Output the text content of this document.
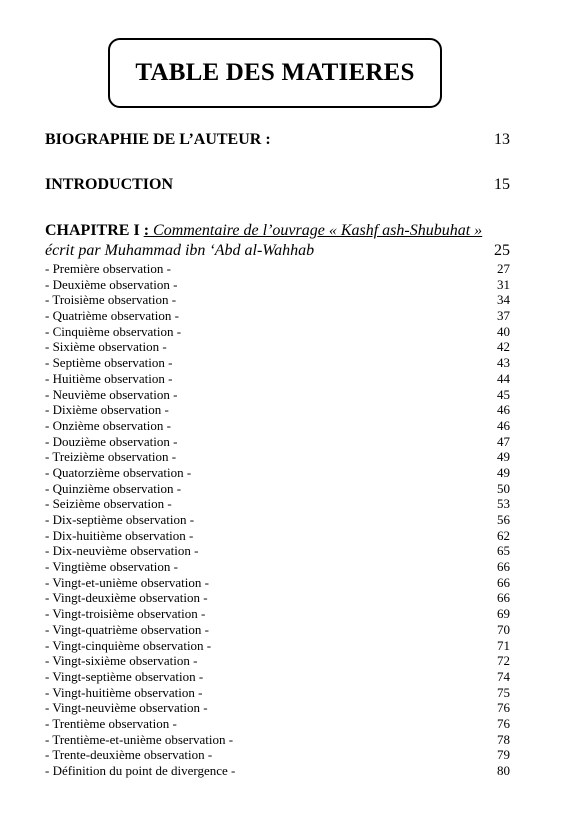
TABLE DES MATIERES
BIOGRAPHIE DE L’AUTEUR :	13
INTRODUCTION	15
CHAPITRE I : Commentaire de l’ouvrage « Kashf ash-Shubuhat »
écrit par Muhammad ibn ‘Abd al-Wahhab	25
- Première observation -	27
- Deuxième observation -	31
- Troisième observation -	34
- Quatrième observation -	37
- Cinquième observation -	40
- Sixième observation -	42
- Septième observation -	43
- Huitième observation -	44
- Neuvième observation -	45
- Dixième observation -	46
- Onzième observation -	46
- Douzième observation -	47
- Treizième observation -	49
- Quatorzième observation -	49
- Quinzième observation -	50
- Seizième observation -	53
- Dix-septième observation -	56
- Dix-huitième observation -	62
- Dix-neuvième observation -	65
- Vingtième observation -	66
- Vingt-et-unième observation -	66
- Vingt-deuxième observation -	66
- Vingt-troisième observation -	69
- Vingt-quatrième observation -	70
- Vingt-cinquième observation -	71
- Vingt-sixième observation -	72
- Vingt-septième observation -	74
- Vingt-huitième observation -	75
- Vingt-neuvième observation -	76
- Trentième observation -	76
- Trentième-et-unième observation -	78
- Trente-deuxième observation -	79
- Définition du point de divergence -	80
